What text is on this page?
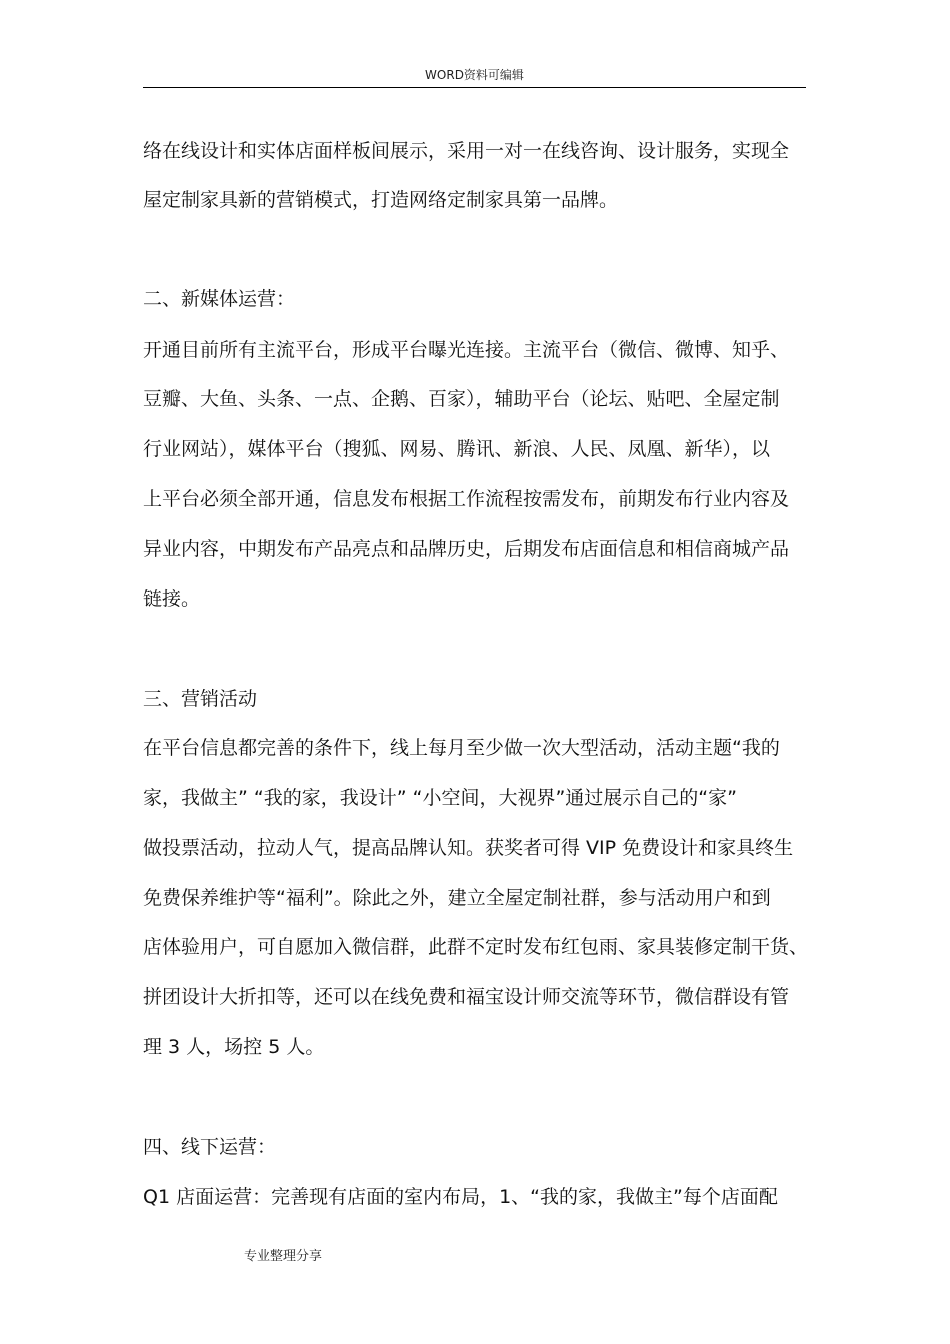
WORD资料可编辑
络在线设计和实体店面样板间展示，采用一对一在线咨询、设计服务，实现全
屋定制家具新的营销模式，打造网络定制家具第一品牌。
二、新媒体运营：
开通目前所有主流平台，形成平台曝光连接。主流平台（微信、微博、知乎、
豆瓣、大鱼、头条、一点、企鹅、百家），辅助平台（论坛、贴吧、全屋定制
行业网站），媒体平台（搜狐、网易、腾讯、新浪、人民、凤凰、新华），以
上平台必须全部开通，信息发布根据工作流程按需发布，前期发布行业内容及
异业内容，中期发布产品亮点和品牌历史，后期发布店面信息和相信商城产品
链接。
三、营销活动
在平台信息都完善的条件下，线上每月至少做一次大型活动，活动主题“我的
家，我做主” “我的家，我设计” “小空间，大视界”通过展示自己的“家”
做投票活动，拉动人气，提高品牌认知。获奖者可得 VIP 免费设计和家具终生
免费保养维护等“福利”。除此之外，建立全屋定制社群，参与活动用户和到
店体验用户，可自愿加入微信群，此群不定时发布红包雨、家具装修定制干货、
拼团设计大折扣等，还可以在线免费和福宝设计师交流等环节，微信群设有管
理 3 人，场控 5 人。
四、线下运营：
Q1 店面运营：完善现有店面的室内布局，1、“我的家，我做主”每个店面配
专业整理分享
